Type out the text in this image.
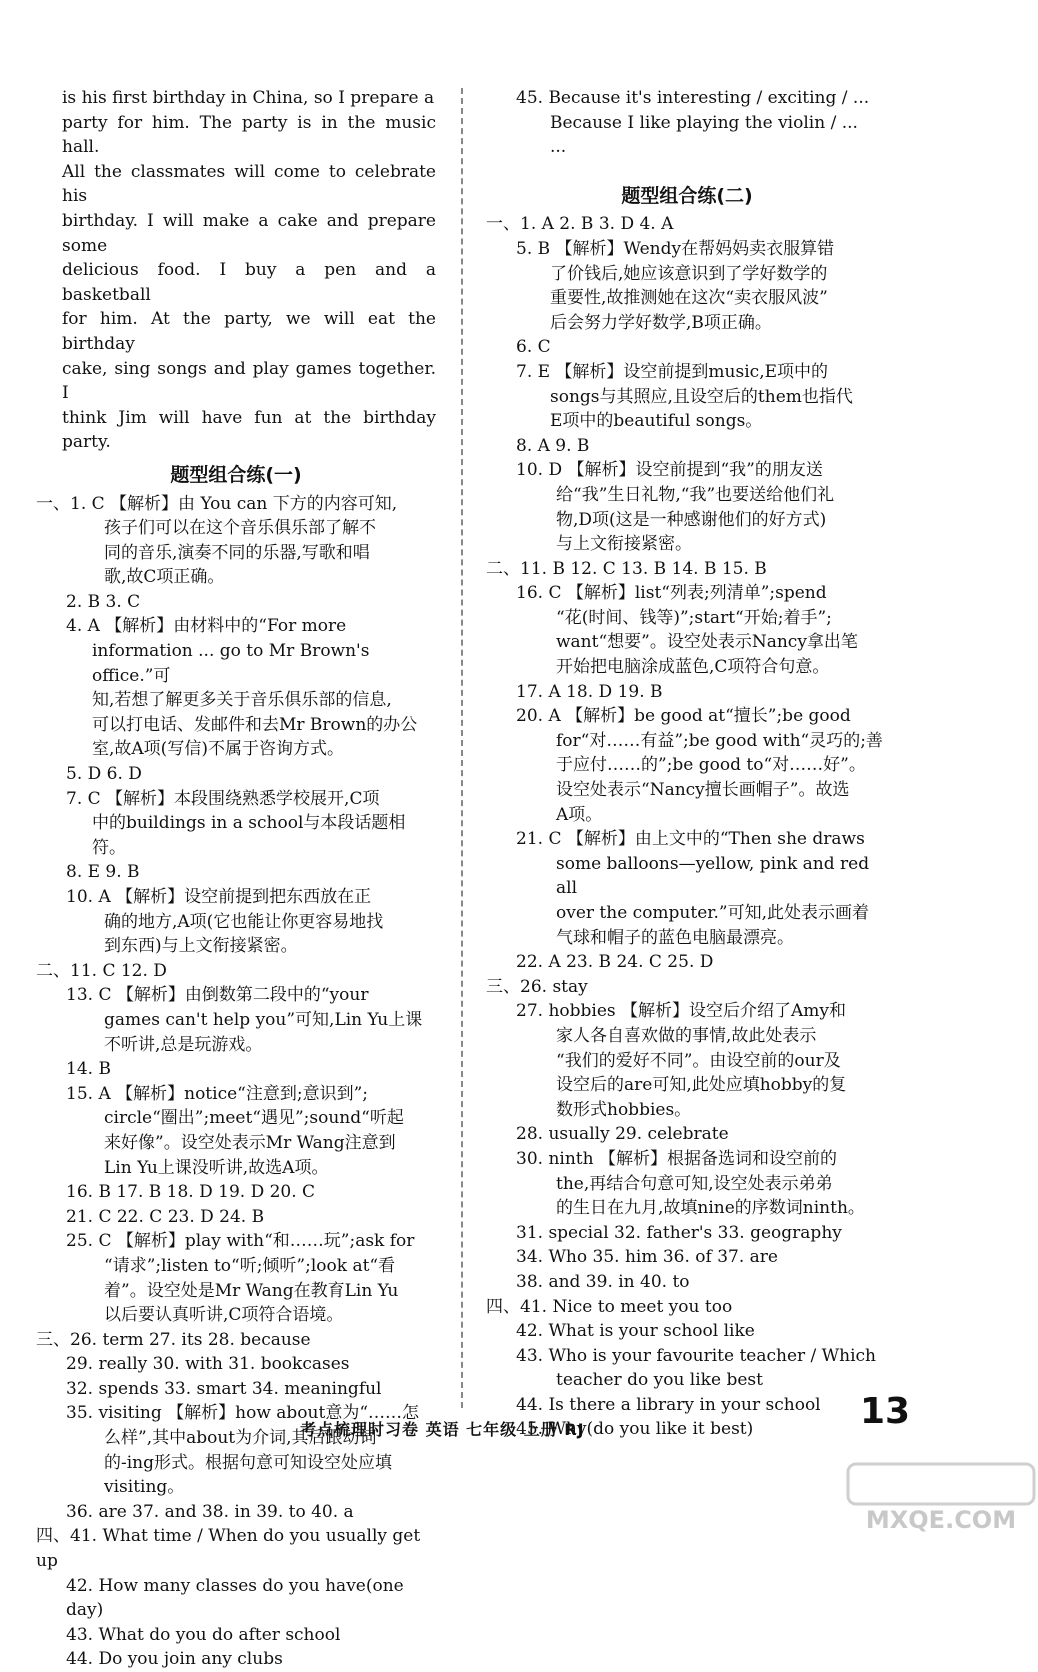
is his first birthday in China, so I prepare a
party for him. The party is in the music hall.
All the classmates will come to celebrate his
birthday. I will make a cake and prepare some
delicious food. I buy a pen and a basketball
for him. At the party, we will eat the birthday
cake, sing songs and play games together. I
think Jim will have fun at the birthday party.
题型组合练(一)
一、1. C 【解析】由 You can 下方的内容可知,
孩子们可以在这个音乐俱乐部了解不
同的音乐,演奏不同的乐器,写歌和唱
歌,故C项正确。
2. B 3. C
4. A 【解析】由材料中的“For more
information ... go to Mr Brown's office.”可
知,若想了解更多关于音乐俱乐部的信息,
可以打电话、发邮件和去Mr Brown的办公
室,故A项(写信)不属于咨询方式。
5. D 6. D
7. C 【解析】本段围绕熟悉学校展开,C项
中的buildings in a school与本段话题相符。
8. E 9. B
10. A 【解析】设空前提到把东西放在正
确的地方,A项(它也能让你更容易地找
到东西)与上文衔接紧密。
二、11. C 12. D
13. C 【解析】由倒数第二段中的“your
games can't help you”可知,Lin Yu上课
不听讲,总是玩游戏。
14. B
15. A 【解析】notice“注意到;意识到”;
circle“圈出”;meet“遇见”;sound“听起
来好像”。设空处表示Mr Wang注意到
Lin Yu上课没听讲,故选A项。
16. B 17. B 18. D 19. D 20. C
21. C 22. C 23. D 24. B
25. C 【解析】play with“和……玩”;ask for
“请求”;listen to“听;倾听”;look at“看
着”。设空处是Mr Wang在教育Lin Yu
以后要认真听讲,C项符合语境。
三、26. term 27. its 28. because
29. really 30. with 31. bookcases
32. spends 33. smart 34. meaningful
35. visiting 【解析】how about意为“……怎
么样”,其中about为介词,其后跟动词
的-ing形式。根据句意可知设空处应填
visiting。
36. are 37. and 38. in 39. to 40. a
四、41. What time / When do you usually get up
42. How many classes do you have(one day)
43. What do you do after school
44. Do you join any clubs
45. Because it's interesting / exciting / ...
Because I like playing the violin / ...
...
题型组合练(二)
一、1. A 2. B 3. D 4. A
5. B 【解析】Wendy在帮妈妈卖衣服算错
了价钱后,她应该意识到了学好数学的
重要性,故推测她在这次“卖衣服风波”
后会努力学好数学,B项正确。
6. C
7. E 【解析】设空前提到music,E项中的
songs与其照应,且设空后的them也指代
E项中的beautiful songs。
8. A 9. B
10. D 【解析】设空前提到“我”的朋友送
给“我”生日礼物,“我”也要送给他们礼
物,D项(这是一种感谢他们的好方式)
与上文衔接紧密。
二、11. B 12. C 13. B 14. B 15. B
16. C 【解析】list“列表;列清单”;spend
“花(时间、钱等)”;start“开始;着手”;
want“想要”。设空处表示Nancy拿出笔
开始把电脑涂成蓝色,C项符合句意。
17. A 18. D 19. B
20. A 【解析】be good at“擅长”;be good
for“对……有益”;be good with“灵巧的;善
于应付……的”;be good to“对……好”。
设空处表示“Nancy擅长画帽子”。故选
A项。
21. C 【解析】由上文中的“Then she draws
some balloons—yellow, pink and red all
over the computer.”可知,此处表示画着
气球和帽子的蓝色电脑最漂亮。
22. A 23. B 24. C 25. D
三、26. stay
27. hobbies 【解析】设空后介绍了Amy和
家人各自喜欢做的事情,故此处表示
“我们的爱好不同”。由设空前的our及
设空后的are可知,此处应填hobby的复
数形式hobbies。
28. usually 29. celebrate
30. ninth 【解析】根据备选词和设空前的
the,再结合句意可知,设空处表示弟弟
的生日在九月,故填nine的序数词ninth。
31. special 32. father's 33. geography
34. Who 35. him 36. of 37. are
38. and 39. in 40. to
四、41. Nice to meet you too
42. What is your school like
43. Who is your favourite teacher / Which
teacher do you like best
44. Is there a library in your school
45. Why(do you like it best)
考点梳理时习卷 英语 七年级 上册 RJ	13
MXQE.COM
